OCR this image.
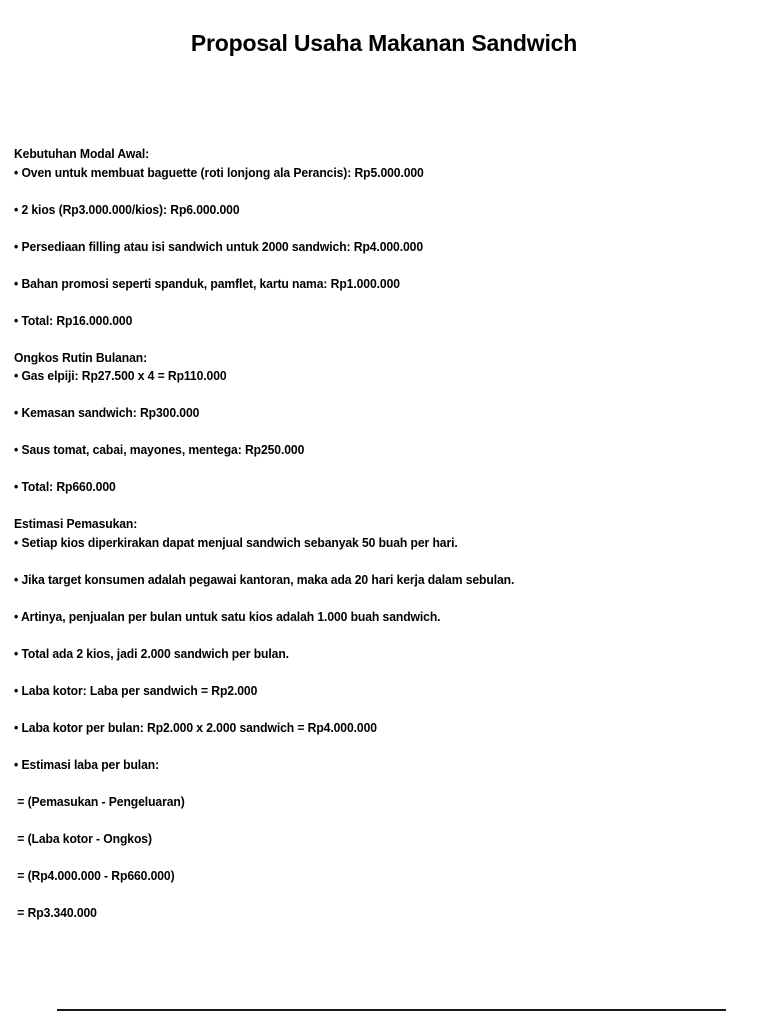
Proposal Usaha Makanan Sandwich

Kebutuhan Modal Awal:

• Oven untuk membuat baguette (roti lonjong ala Perancis): Rp5.000.000

• 2 kios (Rp3.000.000/kios): Rp6.000.000

• Persediaan filling atau isi sandwich untuk 2000 sandwich: Rp4.000.000

• Bahan promosi seperti spanduk, pamflet, kartu nama: Rp1.000.000

• Total: Rp16.000.000

Ongkos Rutin Bulanan:

• Gas elpiji: Rp27.500 x 4 = Rp110.000

• Kemasan sandwich: Rp300.000

• Saus tomat, cabai, mayones, mentega: Rp250.000

• Total: Rp660.000

Estimasi Pemasukan:

• Setiap kios diperkirakan dapat menjual sandwich sebanyak 50 buah per hari.

• Jika target konsumen adalah pegawai kantoran, maka ada 20 hari kerja dalam sebulan.

• Artinya, penjualan per bulan untuk satu kios adalah 1.000 buah sandwich.

• Total ada 2 kios, jadi 2.000 sandwich per bulan.

• Laba kotor: Laba per sandwich = Rp2.000

• Laba kotor per bulan: Rp2.000 x 2.000 sandwich = Rp4.000.000

• Estimasi laba per bulan:

= (Pemasukan - Pengeluaran)

= (Laba kotor - Ongkos)

= (Rp4.000.000 - Rp660.000)

= Rp3.340.000
